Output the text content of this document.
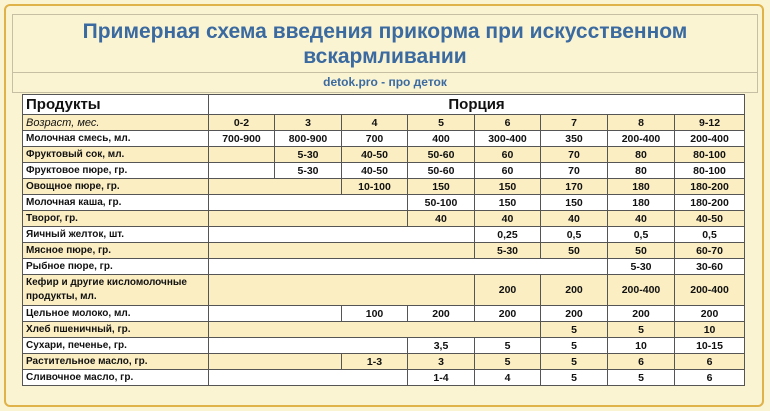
Примерная схема введения прикорма при искусственном вскармливании
detok.pro - про деток
Продукты	Порция							
Возраст, мес.	0-2	3	4	5	6	7	8	9-12
Молочная смесь, мл.	700-900	800-900	700	400	300-400	350	200-400	200-400
Фруктовый сок, мл.		5-30	40-50	50-60	60	70	80	80-100
Фруктовое пюре, гр.		5-30	40-50	50-60	60	70	80	80-100
Овощное пюре, гр.			10-100	150	150	170	180	180-200
Молочная каша, гр.				50-100	150	150	180	180-200
Творог, гр.				40	40	40	40	40-50
Яичный желток, шт.					0,25	0,5	0,5	0,5
Мясное пюре, гр.					5-30	50	50	60-70
Рыбное пюре, гр.							5-30	30-60
Кефир и другие кисломолочные продукты, мл.					200	200	200-400	200-400
Цельное молоко, мл.			100	200	200	200	200	200
Хлеб пшеничный, гр.						5	5	10
Сухари, печенье, гр.				3,5	5	5	10	10-15
Растительное масло, гр.			1-3	3	5	5	6	6
Сливочное масло, гр.				1-4	4	5	5	6
